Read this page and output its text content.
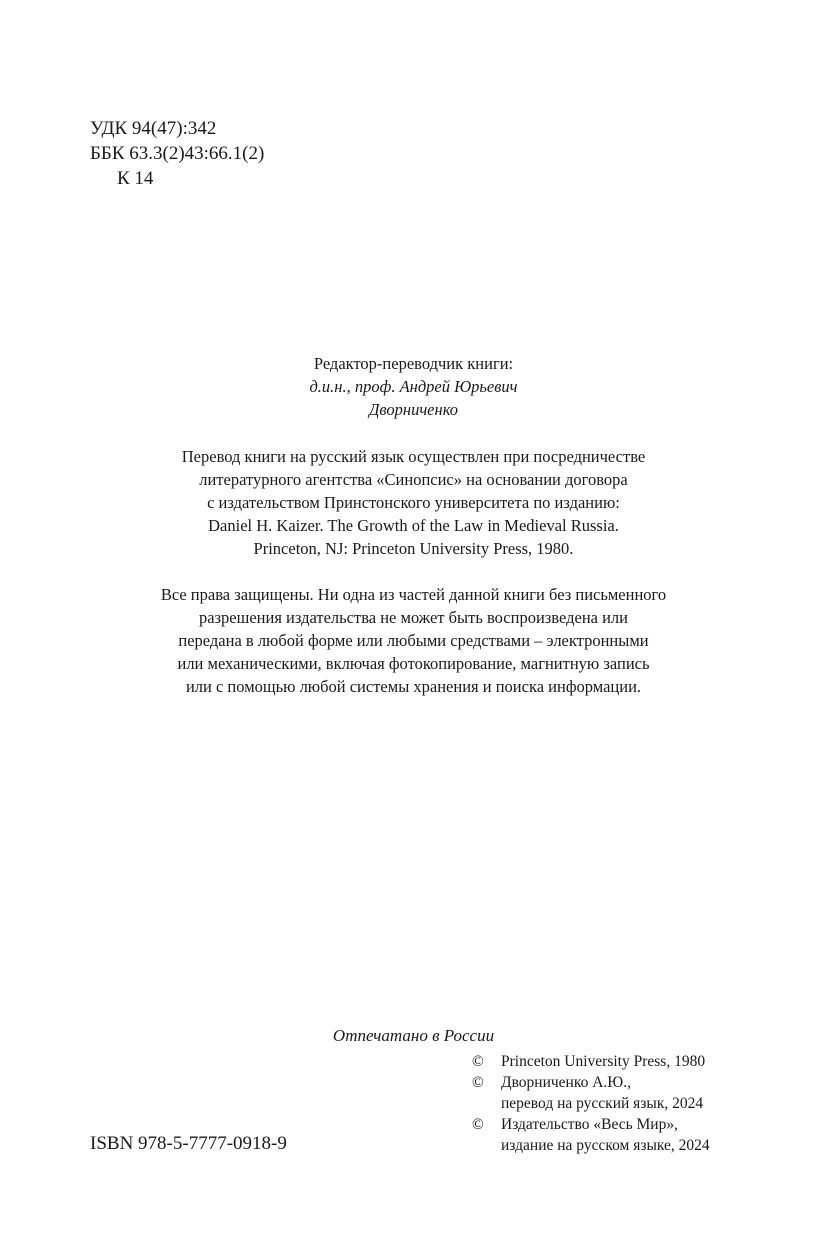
УДК 94(47):342
ББК 63.3(2)43:66.1(2)
К 14
Редактор-переводчик книги:
д.и.н., проф. Андрей Юрьевич
Дворниченко
Перевод книги на русский язык осуществлен при посредничестве
литературного агентства «Синопсис» на основании договора
с издательством Принстонского университета по изданию:
Daniel H. Kaizer. The Growth of the Law in Medieval Russia.
Princeton, NJ: Princeton University Press, 1980.
Все права защищены. Ни одна из частей данной книги без письменного
разрешения издательства не может быть воспроизведена или
передана в любой форме или любыми средствами – электронными
или механическими, включая фотокопирование, магнитную запись
или с помощью любой системы хранения и поиска информации.
Отпечатано в России
© Princeton University Press, 1980
© Дворниченко А.Ю.,
перевод на русский язык, 2024
© Издательство «Весь Мир»,
издание на русском языке, 2024
ISBN 978-5-7777-0918-9
